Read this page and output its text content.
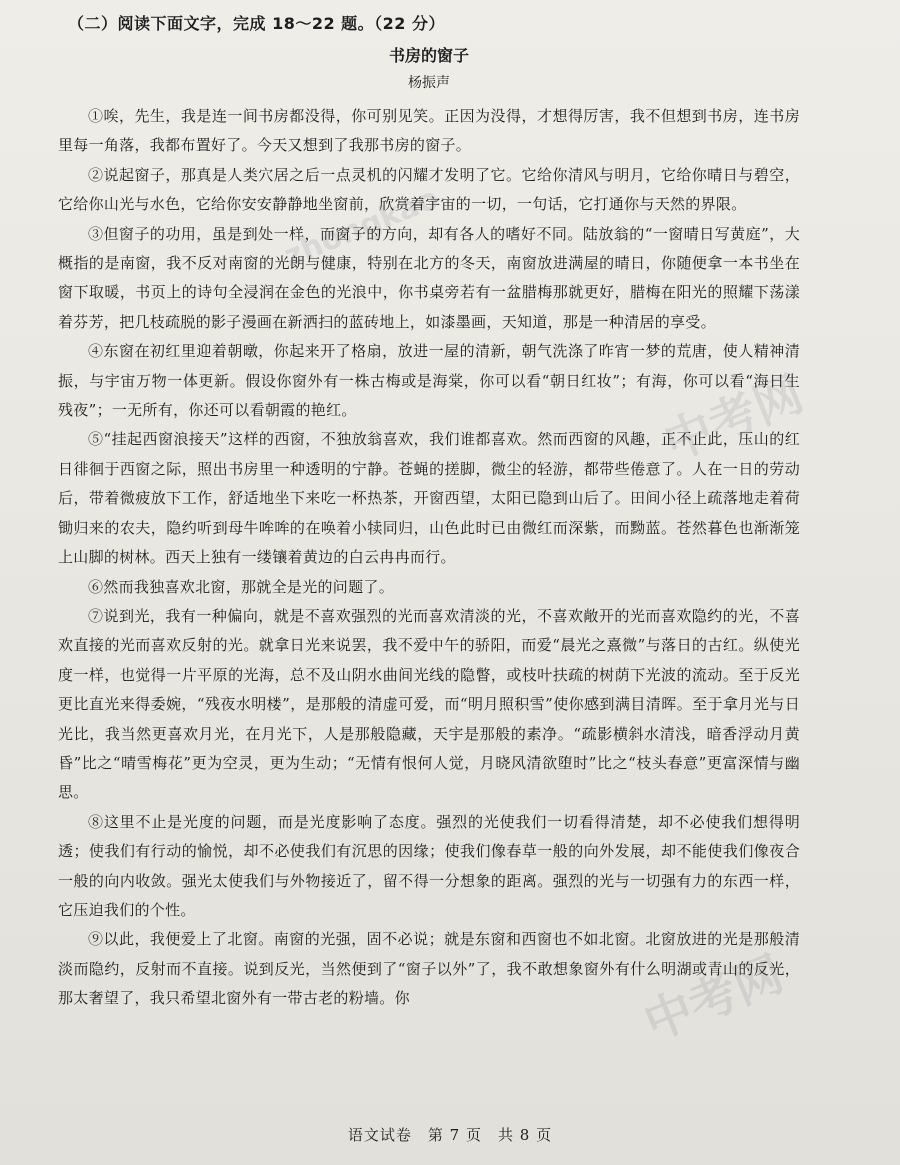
中考网
中考网
zhongkao
（二）阅读下面文字，完成 18～22 题。（22 分）
书房的窗子
杨振声

①唉，先生，我是连一间书房都没得，你可别见笑。正因为没得，才想得厉害，我不但想到书房，连书房里每一角落，我都布置好了。今天又想到了我那书房的窗子。

②说起窗子，那真是人类穴居之后一点灵机的闪耀才发明了它。它给你清风与明月，它给你晴日与碧空，它给你山光与水色，它给你安安静静地坐窗前，欣赏着宇宙的一切，一句话，它打通你与天然的界限。

③但窗子的功用，虽是到处一样，而窗子的方向，却有各人的嗜好不同。陆放翁的“一窗晴日写黄庭”，大概指的是南窗，我不反对南窗的光朗与健康，特别在北方的冬天，南窗放进满屋的晴日，你随便拿一本书坐在窗下取暖，书页上的诗句全浸润在金色的光浪中，你书桌旁若有一盆腊梅那就更好，腊梅在阳光的照耀下荡漾着芬芳，把几枝疏脱的影子漫画在新洒扫的蓝砖地上，如漆墨画，天知道，那是一种清居的享受。

④东窗在初红里迎着朝暾，你起来开了格扇，放进一屋的清新，朝气洗涤了昨宵一梦的荒唐，使人精神清振，与宇宙万物一体更新。假设你窗外有一株古梅或是海棠，你可以看“朝日红妆”；有海，你可以看“海日生残夜”；一无所有，你还可以看朝霞的艳红。

⑤“挂起西窗浪接天”这样的西窗，不独放翁喜欢，我们谁都喜欢。然而西窗的风趣，正不止此，压山的红日徘徊于西窗之际，照出书房里一种透明的宁静。苍蝇的搓脚，微尘的轻游，都带些倦意了。人在一日的劳动后，带着微疲放下工作，舒适地坐下来吃一杯热茶，开窗西望，太阳已隐到山后了。田间小径上疏落地走着荷锄归来的农夫，隐约听到母牛哞哞的在唤着小犊同归，山色此时已由微红而深紫，而黝蓝。苍然暮色也渐渐笼上山脚的树林。西天上独有一缕镶着黄边的白云冉冉而行。

⑥然而我独喜欢北窗，那就全是光的问题了。

⑦说到光，我有一种偏向，就是不喜欢强烈的光而喜欢清淡的光，不喜欢敞开的光而喜欢隐约的光，不喜欢直接的光而喜欢反射的光。就拿日光来说罢，我不爱中午的骄阳，而爱“晨光之熹微”与落日的古红。纵使光度一样，也觉得一片平原的光海，总不及山阴水曲间光线的隐瞥，或枝叶扶疏的树荫下光波的流动。至于反光更比直光来得委婉，“残夜水明楼”，是那般的清虚可爱，而“明月照积雪”使你感到满目清晖。至于拿月光与日光比，我当然更喜欢月光，在月光下，人是那般隐藏，天宇是那般的素净。“疏影横斜水清浅，暗香浮动月黄昏”比之“晴雪梅花”更为空灵，更为生动；“无情有恨何人觉，月晓风清欲堕时”比之“枝头春意”更富深情与幽思。

⑧这里不止是光度的问题，而是光度影响了态度。强烈的光使我们一切看得清楚，却不必使我们想得明透；使我们有行动的愉悦，却不必使我们有沉思的因缘；使我们像春草一般的向外发展，却不能使我们像夜合一般的向内收敛。强光太使我们与外物接近了，留不得一分想象的距离。强烈的光与一切强有力的东西一样，它压迫我们的个性。

⑨以此，我便爱上了北窗。南窗的光强，固不必说；就是东窗和西窗也不如北窗。北窗放进的光是那般清淡而隐约，反射而不直接。说到反光，当然便到了“窗子以外”了，我不敢想象窗外有什么明湖或青山的反光，那太奢望了，我只希望北窗外有一带古老的粉墙。你

语文试卷　第 7 页　共 8 页
